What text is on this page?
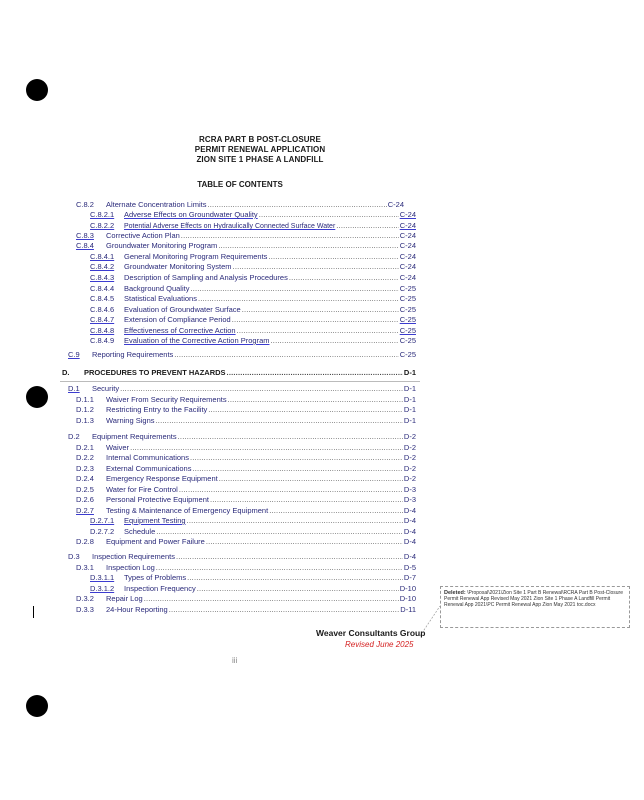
RCRA PART B POST-CLOSURE
PERMIT RENEWAL APPLICATION
ZION SITE 1 PHASE A LANDFILL
TABLE OF CONTENTS
C.8.2	Alternate Concentration Limits .....	C-24
C.8.2.1	Adverse Effects on Groundwater Quality .....	C-24
C.8.2.2	Potential Adverse Effects on Hydraulically Connected Surface Water .....	C-24
C.8.3	Corrective Action Plan .....	C-24
C.8.4	Groundwater Monitoring Program .....	C-24
C.8.4.1	General Monitoring Program Requirements .....	C-24
C.8.4.2	Groundwater Monitoring System .....	C-24
C.8.4.3	Description of Sampling and Analysis Procedures .....	C-24
C.8.4.4	Background Quality .....	C-25
C.8.4.5	Statistical Evaluations .....	C-25
C.8.4.6	Evaluation of Groundwater Surface .....	C-25
C.8.4.7	Extension of Compliance Period .....	C-25
C.8.4.8	Effectiveness of Corrective Action .....	C-25
C.8.4.9	Evaluation of the Corrective Action Program .....	C-25
C.9	Reporting Requirements .....	C-25
D.	PROCEDURES TO PREVENT HAZARDS .....	D-1
D.1	Security .....	D-1
D.1.1	Waiver From Security Requirements .....	D-1
D.1.2	Restricting Entry to the Facility .....	D-1
D.1.3	Warning Signs .....	D-1
D.2	Equipment Requirements .....	D-2
D.2.1	Waiver .....	D-2
D.2.2	Internal Communications .....	D-2
D.2.3	External Communications .....	D-2
D.2.4	Emergency Response Equipment .....	D-2
D.2.5	Water for Fire Control .....	D-3
D.2.6	Personal Protective Equipment .....	D-3
D.2.7	Testing & Maintenance of Emergency Equipment .....	D-4
D.2.7.1	Equipment Testing .....	D-4
D.2.7.2	Schedule .....	D-4
D.2.8	Equipment and Power Failure .....	D-4
D.3	Inspection Requirements .....	D-4
D.3.1	Inspection Log .....	D-5
D.3.1.1	Types of Problems .....	D-7
D.3.1.2	Inspection Frequency .....	D-10
D.3.2	Repair Log .....	D-10
D.3.3	24-Hour Reporting .....	D-11
Deleted: \Proposal\2021\Zion Site 1 Part B Renewal\RCRA Part B Post-Closure Permit Renewal App Revised May 2021 Zion Site 1 Phase A Landfill Permit Renewal App 2021\PC Permit Renewal App Zion May 2021 toc.docx
Weaver Consultants Group
Revised June 2025
iii
